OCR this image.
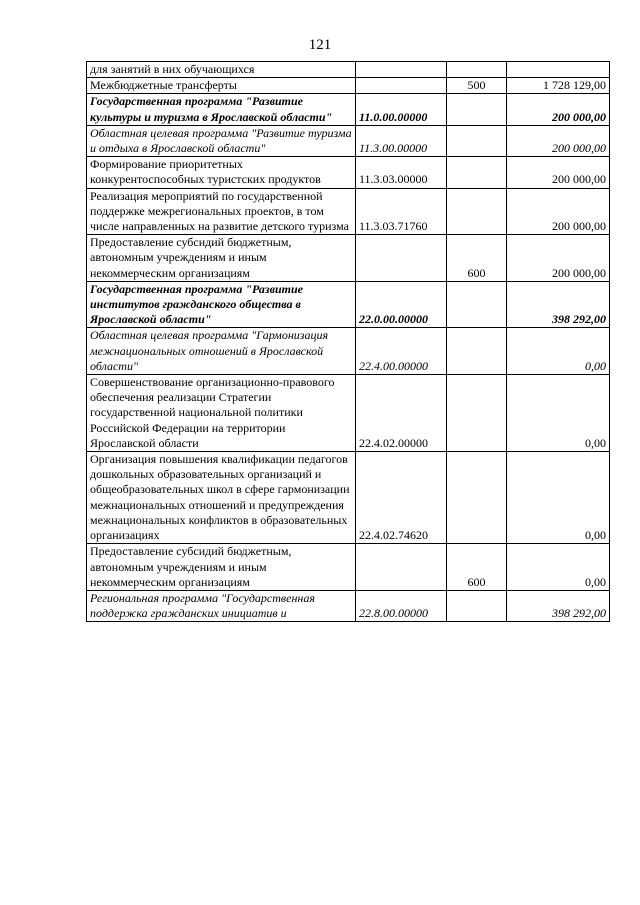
121
для занятий в них обучающихся			
Межбюджетные трансферты		500	1 728 129,00
Государственная программа "Развитие культуры и туризма в Ярославской области"	11.0.00.00000		200 000,00
Областная целевая программа "Развитие туризма и отдыха в Ярославской области"	11.3.00.00000		200 000,00
Формирование приоритетных конкурентоспособных туристских продуктов	11.3.03.00000		200 000,00
Реализация мероприятий по государственной поддержке межрегиональных проектов, в том числе направленных на развитие детского туризма	11.3.03.71760		200 000,00
Предоставление субсидий бюджетным, автономным учреждениям и иным некоммерческим организациям		600	200 000,00
Государственная программа "Развитие институтов гражданского общества в Ярославской области"	22.0.00.00000		398 292,00
Областная целевая программа "Гармонизация межнациональных отношений в Ярославской области"	22.4.00.00000		0,00
Совершенствование организационно-правового обеспечения реализации Стратегии государственной национальной политики Российской Федерации на территории Ярославской области	22.4.02.00000		0,00
Организация повышения квалификации педагогов дошкольных образовательных организаций и общеобразовательных школ в сфере гармонизации межнациональных отношений и предупреждения межнациональных конфликтов в образовательных организациях	22.4.02.74620		0,00
Предоставление субсидий бюджетным, автономным учреждениям и иным некоммерческим организациям		600	0,00
Региональная программа "Государственная поддержка гражданских инициатив и	22.8.00.00000		398 292,00
